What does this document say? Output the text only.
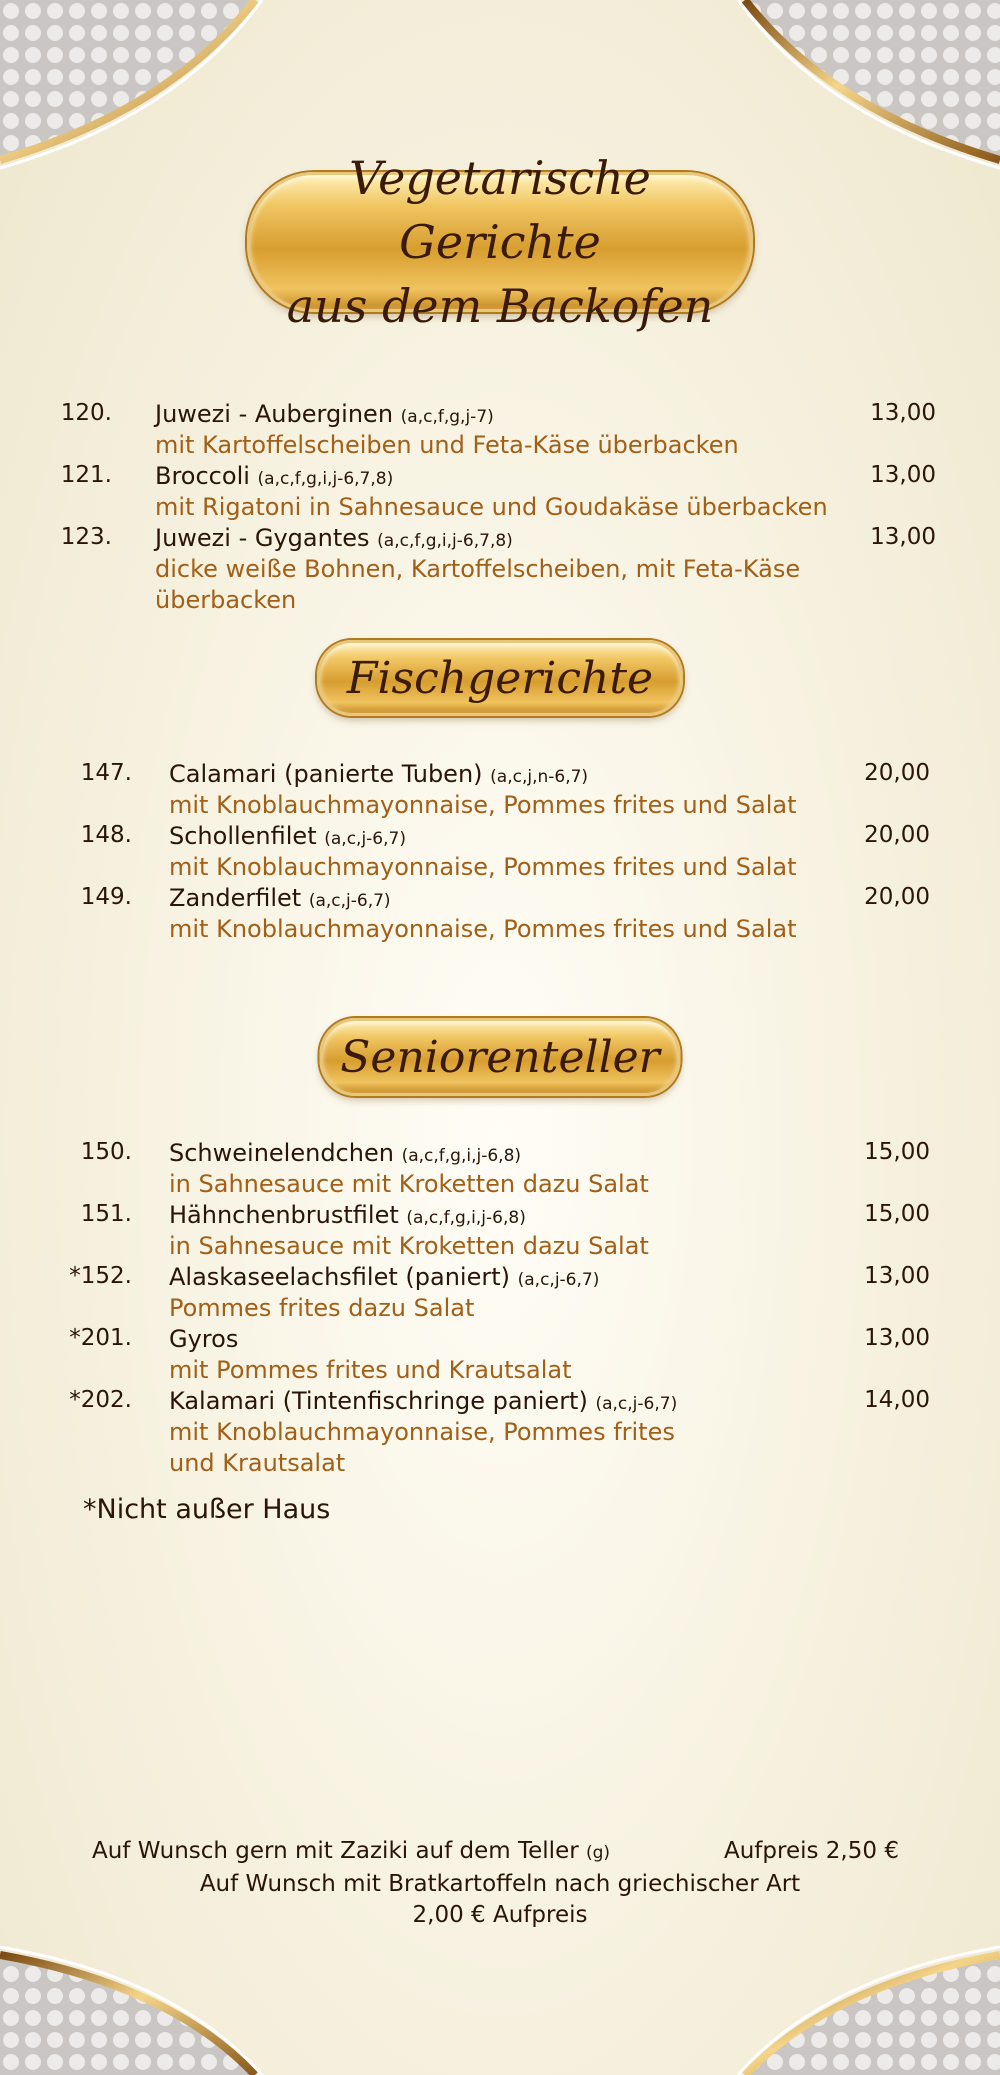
Vegetarische Gerichte
aus dem Backofen
120. Juwezi - Auberginen (a,c,f,g,j-7)	13,00
mit Kartoffelscheiben und Feta-Käse überbacken
121. Broccoli (a,c,f,g,i,j-6,7,8)	13,00
mit Rigatoni in Sahnesauce und Goudakäse überbacken
123. Juwezi - Gygantes (a,c,f,g,i,j-6,7,8)	13,00
dicke weiße Bohnen, Kartoffelscheiben, mit Feta-Käse
überbacken
Fischgerichte
147. Calamari (panierte Tuben) (a,c,j,n-6,7)	20,00
mit Knoblauchmayonnaise, Pommes frites und Salat
148. Schollenfilet (a,c,j-6,7)	20,00
mit Knoblauchmayonnaise, Pommes frites und Salat
149. Zanderfilet (a,c,j-6,7)	20,00
mit Knoblauchmayonnaise, Pommes frites und Salat
Seniorenteller
150. Schweinelendchen (a,c,f,g,i,j-6,8)	15,00
in Sahnesauce mit Kroketten dazu Salat
151. Hähnchenbrustfilet (a,c,f,g,i,j-6,8)	15,00
in Sahnesauce mit Kroketten dazu Salat
*152. Alaskaseelachsfilet (paniert) (a,c,j-6,7)	13,00
Pommes frites dazu Salat
*201. Gyros	13,00
mit Pommes frites und Krautsalat
*202. Kalamari (Tintenfischringe paniert) (a,c,j-6,7)	14,00
mit Knoblauchmayonnaise, Pommes frites
und Krautsalat
*Nicht außer Haus
Auf Wunsch gern mit Zaziki auf dem Teller (g)	Aufpreis 2,50 €
Auf Wunsch mit Bratkartoffeln nach griechischer Art
2,00 € Aufpreis
